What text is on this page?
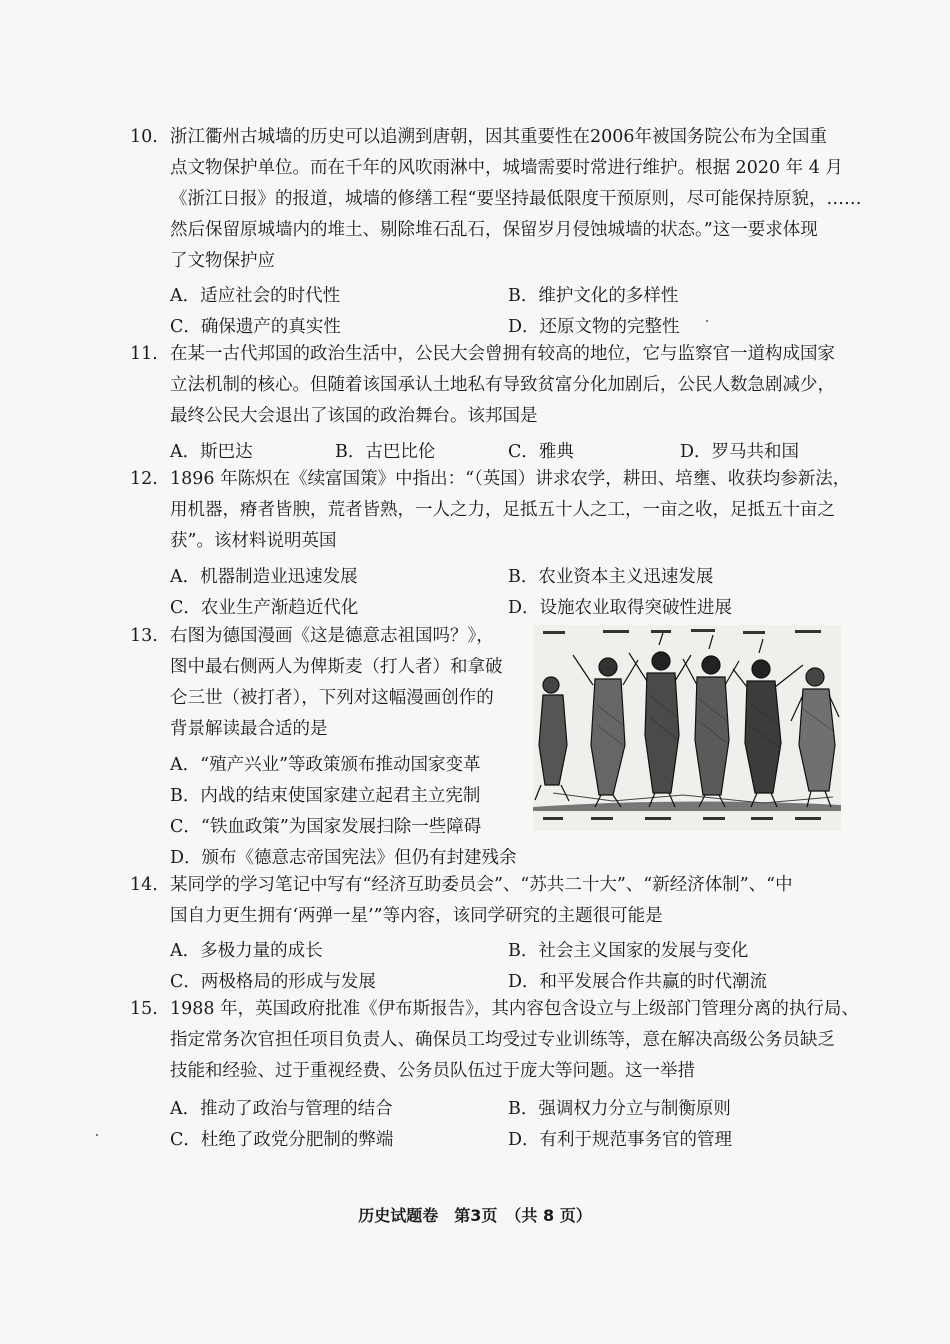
10. 浙江衢州古城墙的历史可以追溯到唐朝，因其重要性在2006年被国务院公布为全国重
点文物保护单位。而在千年的风吹雨淋中，城墙需要时常进行维护。根据 2020 年 4 月
《浙江日报》的报道，城墙的修缮工程“要坚持最低限度干预原则，尽可能保持原貌，……
然后保留原城墙内的堆土、剔除堆石乱石，保留岁月侵蚀城墙的状态。”这一要求体现
了文物保护应
A．适应社会的时代性	B．维护文化的多样性
C．确保遗产的真实性	D．还原文物的完整性
11. 在某一古代邦国的政治生活中，公民大会曾拥有较高的地位，它与监察官一道构成国家
立法机制的核心。但随着该国承认土地私有导致贫富分化加剧后，公民人数急剧减少，
最终公民大会退出了该国的政治舞台。该邦国是
A．斯巴达	B．古巴比伦	C．雅典	D．罗马共和国
12. 1896 年陈炽在《续富国策》中指出：“（英国）讲求农学，耕田、培壅、收获均参新法，
用机器，瘠者皆腴，荒者皆熟，一人之力，足抵五十人之工，一亩之收，足抵五十亩之
获”。该材料说明英国
A．机器制造业迅速发展	B．农业资本主义迅速发展
C．农业生产渐趋近代化	D．设施农业取得突破性进展
13. 右图为德国漫画《这是德意志祖国吗？》，
图中最右侧两人为俾斯麦（打人者）和拿破
仑三世（被打者），下列对这幅漫画创作的
背景解读最合适的是
A．“殖产兴业”等政策颁布推动国家变革
B．内战的结束使国家建立起君主立宪制
C．“铁血政策”为国家发展扫除一些障碍
D．颁布《德意志帝国宪法》但仍有封建残余
14. 某同学的学习笔记中写有“经济互助委员会”、“苏共二十大”、“新经济体制”、“中
国自力更生拥有‘两弹一星’”等内容，该同学研究的主题很可能是
A．多极力量的成长	B．社会主义国家的发展与变化
C．两极格局的形成与发展	D．和平发展合作共赢的时代潮流
15. 1988 年，英国政府批准《伊布斯报告》，其内容包含设立与上级部门管理分离的执行局、
指定常务次官担任项目负责人、确保员工均受过专业训练等，意在解决高级公务员缺乏
技能和经验、过于重视经费、公务员队伍过于庞大等问题。这一举措
A．推动了政治与管理的结合	B．强调权力分立与制衡原则
C．杜绝了政党分肥制的弊端	D．有利于规范事务官的管理
历史试题卷　第3页　（共 8 页）
